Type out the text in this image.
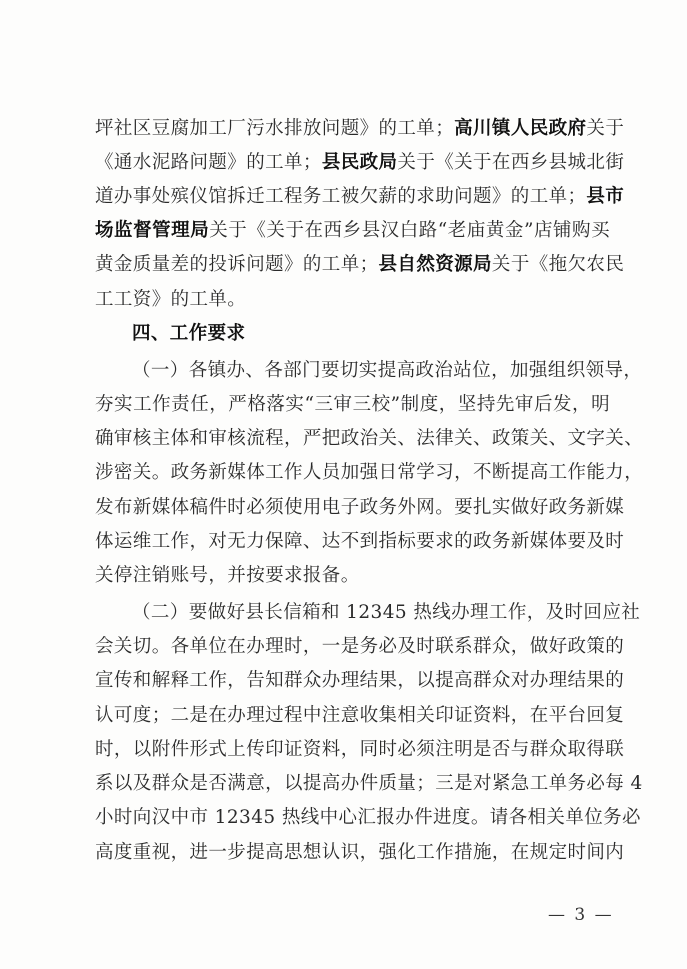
坪社区豆腐加工厂污水排放问题》的工单；高川镇人民政府关于
《通水泥路问题》的工单；县民政局关于《关于在西乡县城北街
道办事处殡仪馆拆迁工程务工被欠薪的求助问题》的工单；县市
场监督管理局关于《关于在西乡县汉白路“老庙黄金”店铺购买
黄金质量差的投诉问题》的工单；县自然资源局关于《拖欠农民
工工资》的工单。
四、工作要求
（一）各镇办、各部门要切实提高政治站位，加强组织领导，
夯实工作责任，严格落实“三审三校”制度，坚持先审后发，明
确审核主体和审核流程，严把政治关、法律关、政策关、文字关、
涉密关。政务新媒体工作人员加强日常学习，不断提高工作能力，
发布新媒体稿件时必须使用电子政务外网。要扎实做好政务新媒
体运维工作，对无力保障、达不到指标要求的政务新媒体要及时
关停注销账号，并按要求报备。
（二）要做好县长信箱和 12345 热线办理工作，及时回应社
会关切。各单位在办理时，一是务必及时联系群众，做好政策的
宣传和解释工作，告知群众办理结果，以提高群众对办理结果的
认可度；二是在办理过程中注意收集相关印证资料，在平台回复
时，以附件形式上传印证资料，同时必须注明是否与群众取得联
系以及群众是否满意，以提高办件质量；三是对紧急工单务必每 4
小时向汉中市 12345 热线中心汇报办件进度。请各相关单位务必
高度重视，进一步提高思想认识，强化工作措施，在规定时间内
— 3 —
